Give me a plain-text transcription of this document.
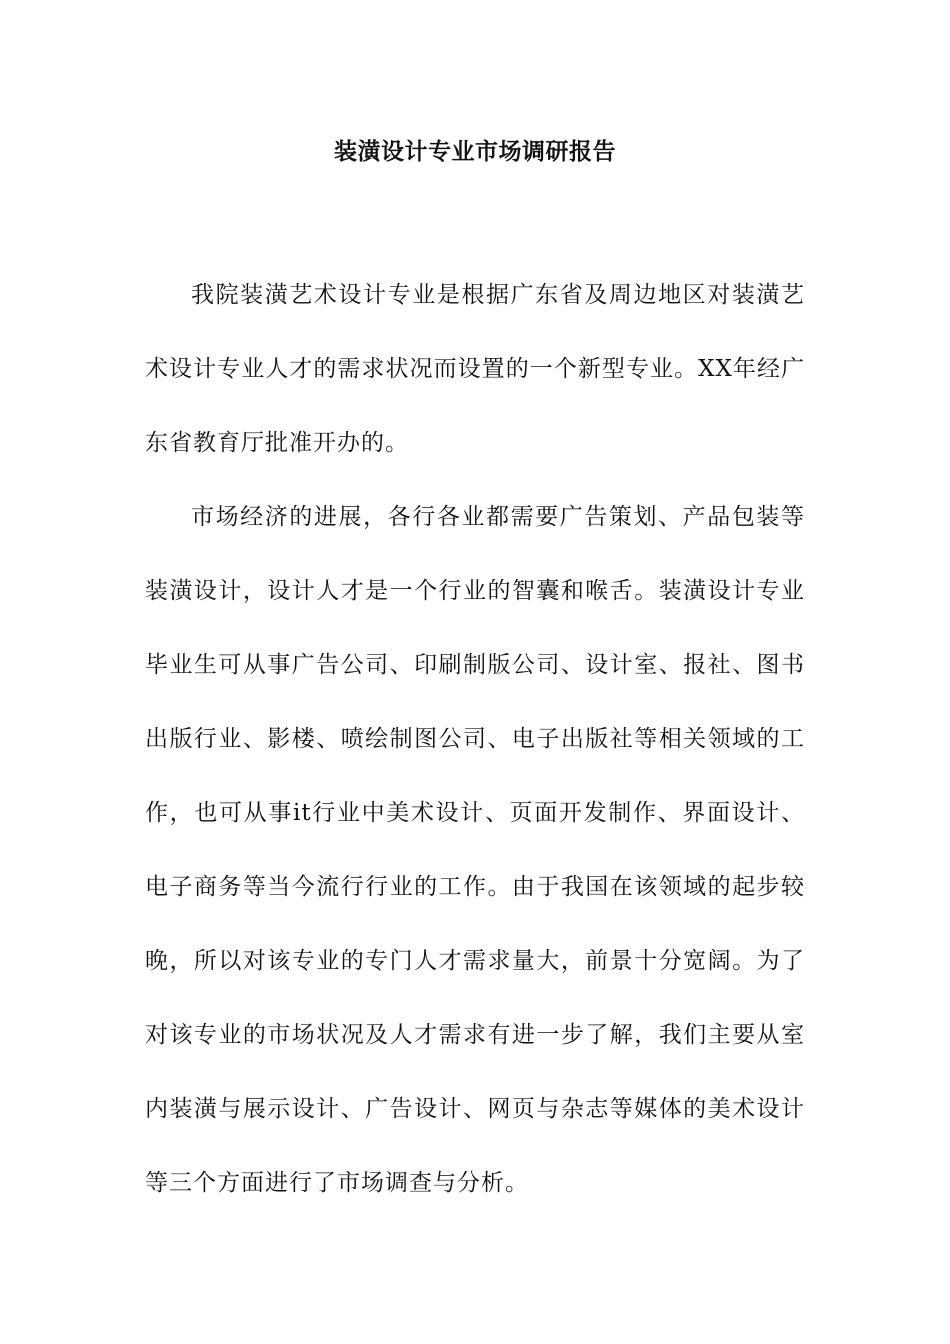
装潢设计专业市场调研报告

我院装潢艺术设计专业是根据广东省及周边地区对装潢艺术设计专业人才的需求状况而设置的一个新型专业。XX年经广东省教育厅批准开办的。

市场经济的进展，各行各业都需要广告策划、产品包装等装潢设计，设计人才是一个行业的智囊和喉舌。装潢设计专业毕业生可从事广告公司、印刷制版公司、设计室、报社、图书出版行业、影楼、喷绘制图公司、电子出版社等相关领域的工作，也可从事it行业中美术设计、页面开发制作、界面设计、电子商务等当今流行行业的工作。由于我国在该领域的起步较晚，所以对该专业的专门人才需求量大，前景十分宽阔。为了对该专业的市场状况及人才需求有进一步了解，我们主要从室内装潢与展示设计、广告设计、网页与杂志等媒体的美术设计等三个方面进行了市场调查与分析。
